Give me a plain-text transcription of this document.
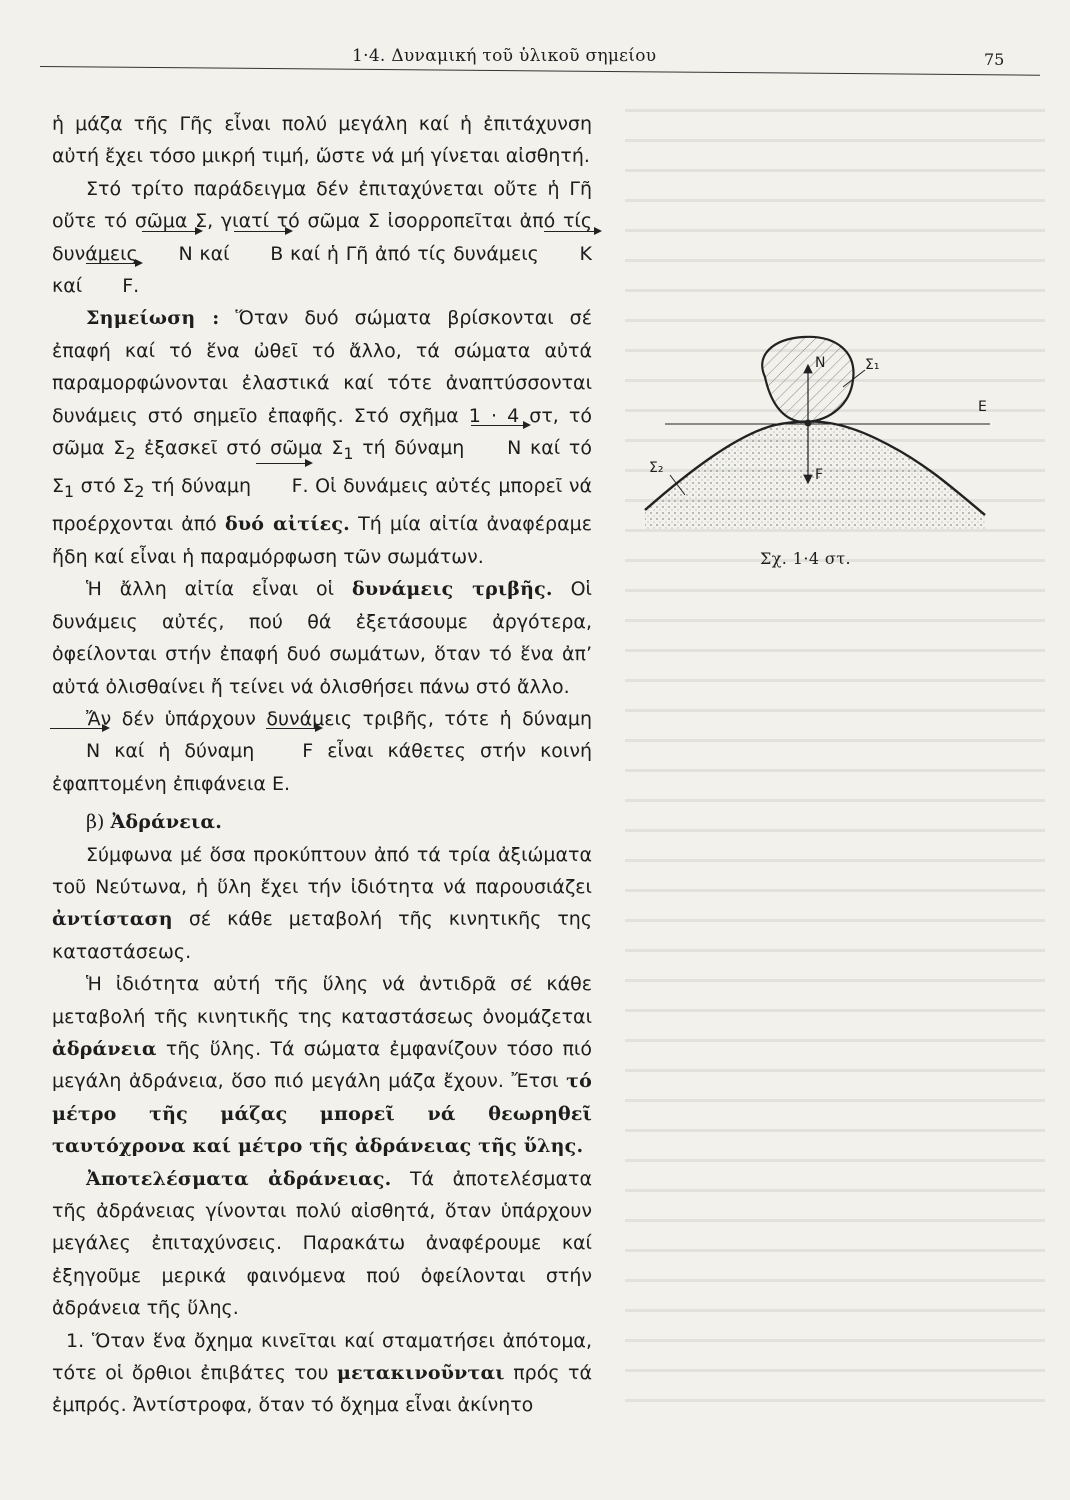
1·4. Δυναμική τοῦ ὑλικοῦ σημείου	75

ἡ μάζα τῆς Γῆς εἶναι πολύ μεγάλη καί ἡ ἐπιτάχυνση αὐτή ἔχει τόσο μικρή τιμή, ὥστε νά μή γίνεται αἰσθητή.

Στό τρίτο παράδειγμα δέν ἐπιταχύνεται οὔτε ἡ Γῆ οὔτε τό σῶμα Σ, γιατί τό σῶμα Σ ἰσορροπεῖται ἀπό τίς δυνάμεις N καί B καί ἡ Γῆ ἀπό τίς δυνάμεις K καί F.

Σημείωση : Ὅταν δυό σώματα βρίσκονται σέ ἐπαφή καί τό ἕνα ὠθεῖ τό ἄλλο, τά σώματα αὐτά παραμορφώνονται ἐλαστικά καί τότε ἀναπτύσσονται δυνάμεις στό σημεῖο ἐπαφῆς. Στό σχῆμα 1 · 4 στ, τό σῶμα $\Sigma_2$ ἐξασκεῖ στό σῶμα $\Sigma_1$ τή δύναμη N καί τό $\Sigma_1$ στό $\Sigma_2$ τή δύναμη F. Οἱ δυνάμεις αὐτές μπορεῖ νά προέρχονται ἀπό δυό αἰτίες. Τή μία αἰτία ἀναφέραμε ἤδη καί εἶναι ἡ παραμόρφωση τῶν σωμάτων.

Ἡ ἄλλη αἰτία εἶναι οἱ δυνάμεις τριβῆς. Οἱ δυνάμεις αὐτές, πού θά ἐξετάσουμε ἀργότερα, ὀφείλονται στήν ἐπαφή δυό σωμάτων, ὅταν τό ἕνα ἀπ’ αὐτά ὀλισθαίνει ἤ τείνει νά ὀλισθήσει πάνω στό ἄλλο.

Ἄν δέν ὑπάρχουν δυνάμεις τριβῆς, τότε ἡ δύναμη N καί ἡ δύναμη F εἶναι κάθετες στήν κοινή ἐφαπτομένη ἐπιφάνεια Ε.

β) Ἀδράνεια.

Σύμφωνα μέ ὅσα προκύπτουν ἀπό τά τρία ἀξιώματα τοῦ Νεύτωνα, ἡ ὕλη ἔχει τήν ἰδιότητα νά παρουσιάζει ἀντίσταση σέ κάθε μεταβολή τῆς κινητικῆς της καταστάσεως.

Ἡ ἰδιότητα αὐτή τῆς ὕλης νά ἀντιδρᾶ σέ κάθε μεταβολή τῆς κινητικῆς της καταστάσεως ὀνομάζεται ἀδράνεια τῆς ὕλης. Τά σώματα ἐμφανίζουν τόσο πιό μεγάλη ἀδράνεια, ὅσο πιό μεγάλη μάζα ἔχουν. Ἔτσι τό μέτρο τῆς μάζας μπορεῖ νά θεωρηθεῖ ταυτόχρονα καί μέτρο τῆς ἀδράνειας τῆς ὕλης.

Ἀποτελέσματα ἀδράνειας. Τά ἀποτελέσματα τῆς ἀδράνειας γίνονται πολύ αἰσθητά, ὅταν ὑπάρχουν μεγάλες ἐπιταχύνσεις. Παρακάτω ἀναφέρουμε καί ἐξηγοῦμε μερικά φαινόμενα πού ὀφείλονται στήν ἀδράνεια τῆς ὕλης.

1. Ὅταν ἕνα ὄχημα κινεῖται καί σταματήσει ἀπότομα, τότε οἱ ὄρθιοι ἐπιβάτες του μετακινοῦνται πρός τά ἐμπρός. Ἀντίστροφα, ὅταν τό ὄχημα εἶναι ἀκίνητο

N
F
Σ₁
Σ₂
Ε
Σχ. 1·4 στ.
